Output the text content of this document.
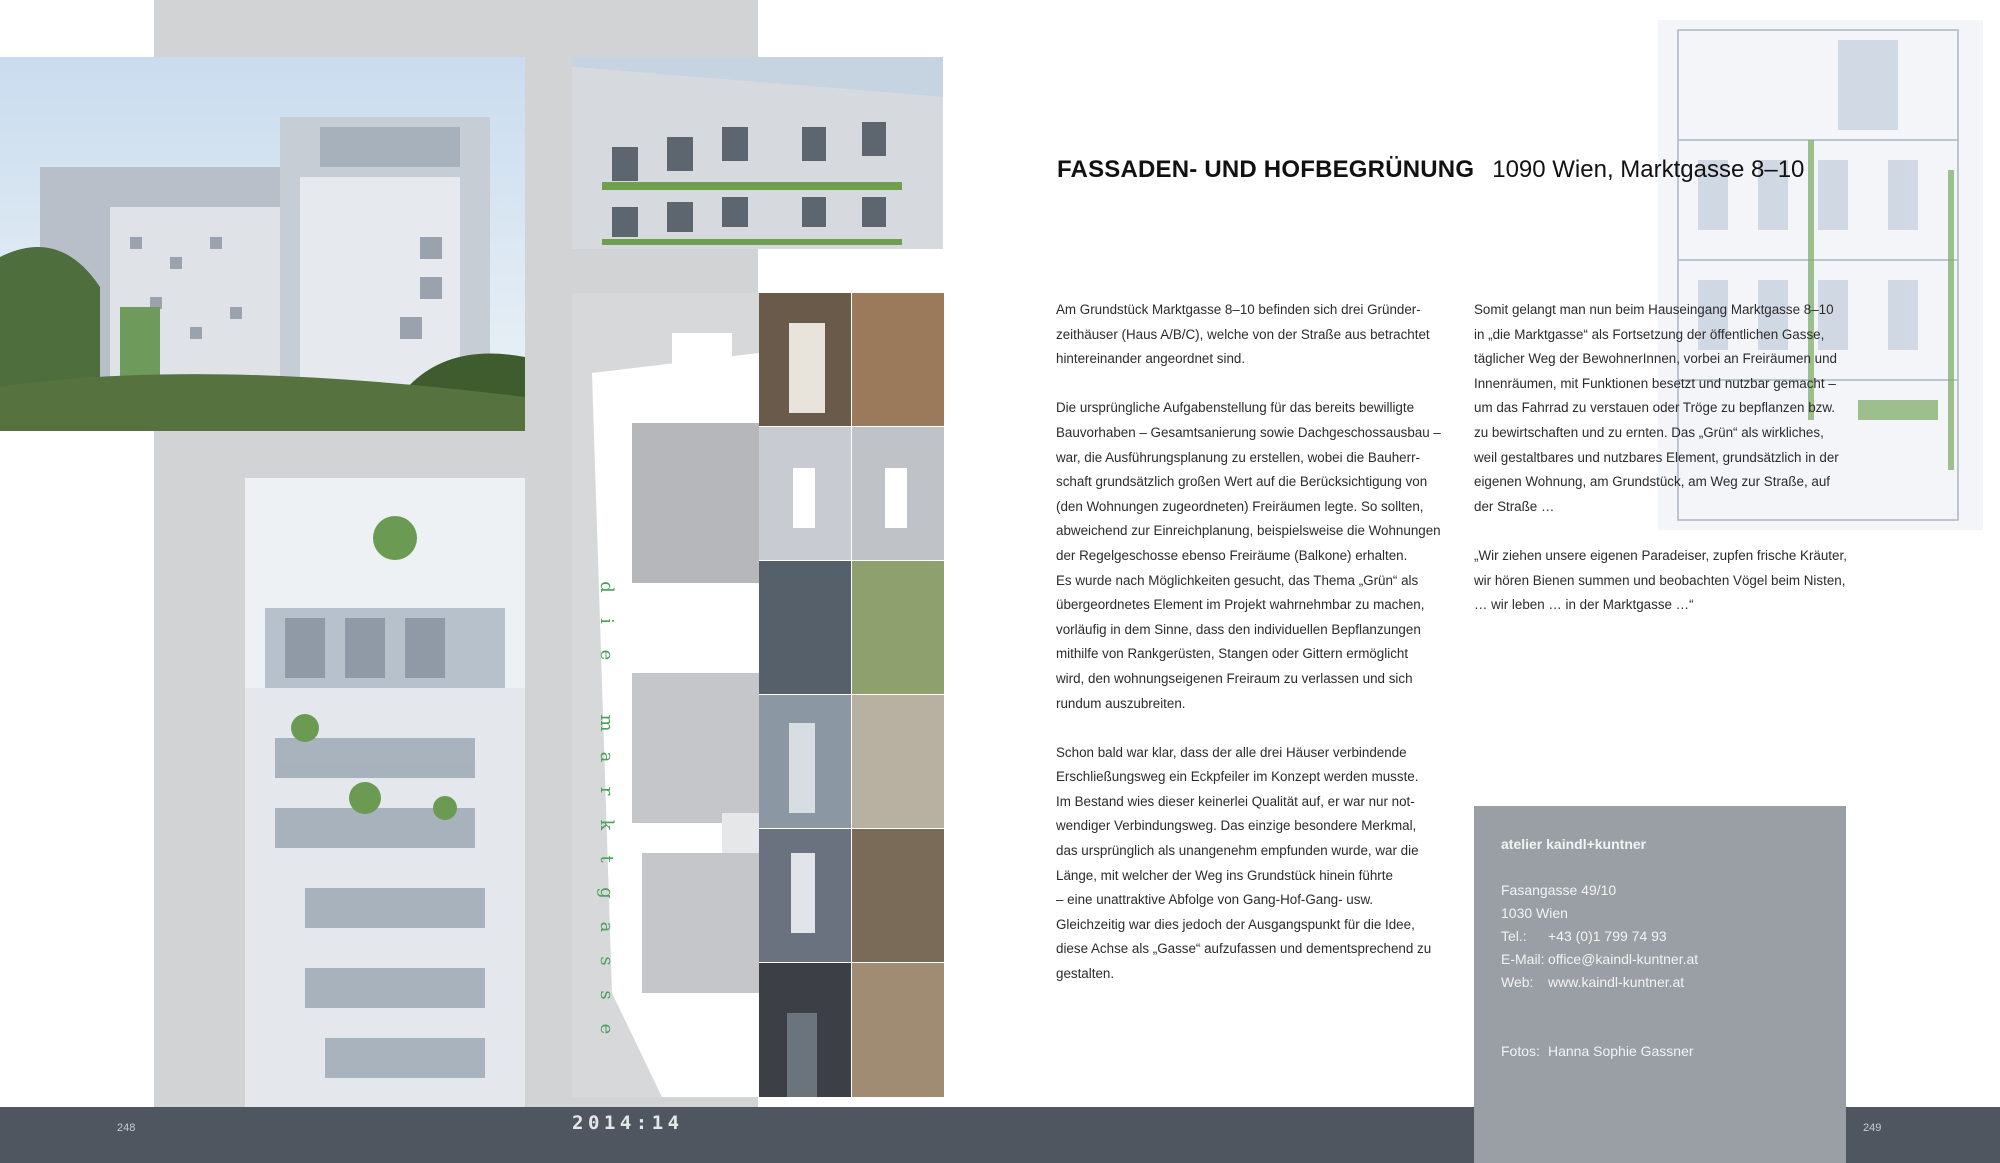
d
i
e
m
a
r
k
t
g
a
s
s
e
FASSADEN- UND HOFBEGRÜNUNG 1090 Wien, Marktgasse 8–10

Am Grundstück Marktgasse 8–10 befinden sich drei Gründer-
zeithäuser (Haus A/B/C), welche von der Straße aus betrachtet
hintereinander angeordnet sind.

Die ursprüngliche Aufgabenstellung für das bereits bewilligte
Bauvorhaben – Gesamtsanierung sowie Dachgeschossausbau –
war, die Ausführungsplanung zu erstellen, wobei die Bauherr-
schaft grundsätzlich großen Wert auf die Berücksichtigung von
(den Wohnungen zugeordneten) Freiräumen legte. So sollten,
abweichend zur Einreichplanung, beispielsweise die Wohnungen
der Regelgeschosse ebenso Freiräume (Balkone) erhalten.
Es wurde nach Möglichkeiten gesucht, das Thema „Grün“ als
übergeordnetes Element im Projekt wahrnehmbar zu machen,
vorläufig in dem Sinne, dass den individuellen Bepflanzungen
mithilfe von Rankgerüsten, Stangen oder Gittern ermöglicht
wird, den wohnungseigenen Freiraum zu verlassen und sich
rundum auszubreiten.

Schon bald war klar, dass der alle drei Häuser verbindende
Erschließungsweg ein Eckpfeiler im Konzept werden musste.
Im Bestand wies dieser keinerlei Qualität auf, er war nur not-
wendiger Verbindungsweg. Das einzige besondere Merkmal,
das ursprünglich als unangenehm empfunden wurde, war die
Länge, mit welcher der Weg ins Grundstück hinein führte
– eine unattraktive Abfolge von Gang-Hof-Gang- usw.
Gleichzeitig war dies jedoch der Ausgangspunkt für die Idee,
diese Achse als „Gasse“ aufzufassen und dementsprechend zu
gestalten.

Somit gelangt man nun beim Hauseingang Marktgasse 8–10
in „die Marktgasse“ als Fortsetzung der öffentlichen Gasse,
täglicher Weg der BewohnerInnen, vorbei an Freiräumen und
Innenräumen, mit Funktionen besetzt und nutzbar gemacht –
um das Fahrrad zu verstauen oder Tröge zu bepflanzen bzw.
zu bewirtschaften und zu ernten. Das „Grün“ als wirkliches,
weil gestaltbares und nutzbares Element, grundsätzlich in der
eigenen Wohnung, am Grundstück, am Weg zur Straße, auf
der Straße …

„Wir ziehen unsere eigenen Paradeiser, zupfen frische Kräuter,
wir hören Bienen summen und beobachten Vögel beim Nisten,
… wir leben … in der Marktgasse …“

atelier kaindl+kuntner
Fasangasse 49/10
1030 Wien
Tel.: +43 (0)1 799 74 93
E-Mail: office@kaindl-kuntner.at
Web: www.kaindl-kuntner.at
Fotos: Hanna Sophie Gassner
248	2014:14	249
